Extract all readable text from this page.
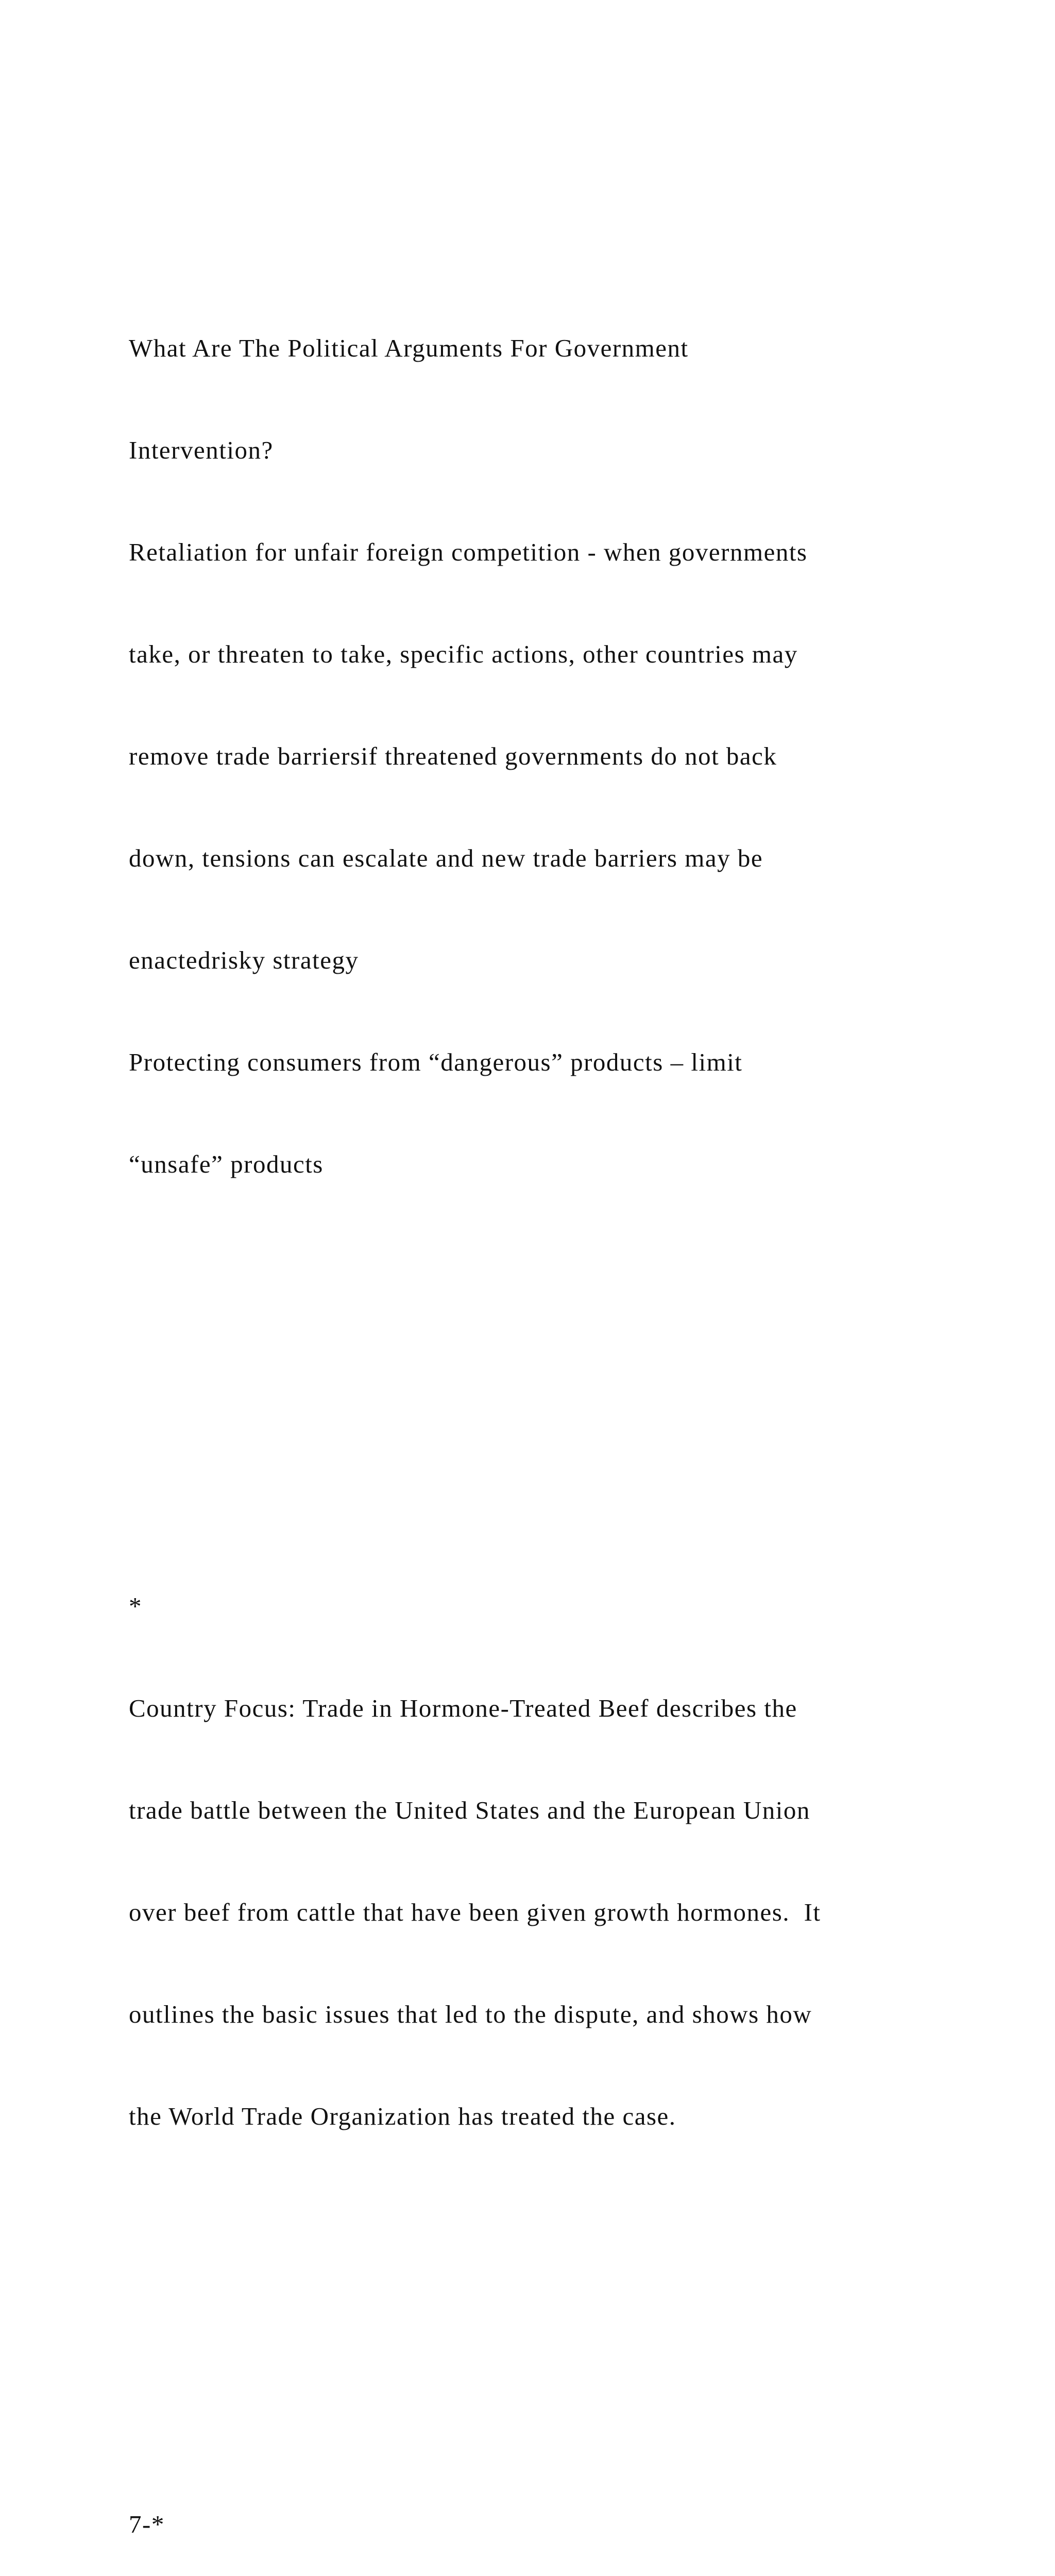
What Are The Political Arguments For Government

Intervention?

Retaliation for unfair foreign competition - when governments

take, or threaten to take, specific actions, other countries may

remove trade barriersif threatened governments do not back

down, tensions can escalate and new trade barriers may be

enactedrisky strategy

Protecting consumers from “dangerous” products – limit

“unsafe” products

*

Country Focus: Trade in Hormone-Treated Beef describes the

trade battle between the United States and the European Union

over beef from cattle that have been given growth hormones.  It

outlines the basic issues that led to the dispute, and shows how

the World Trade Organization has treated the case.

7-*
